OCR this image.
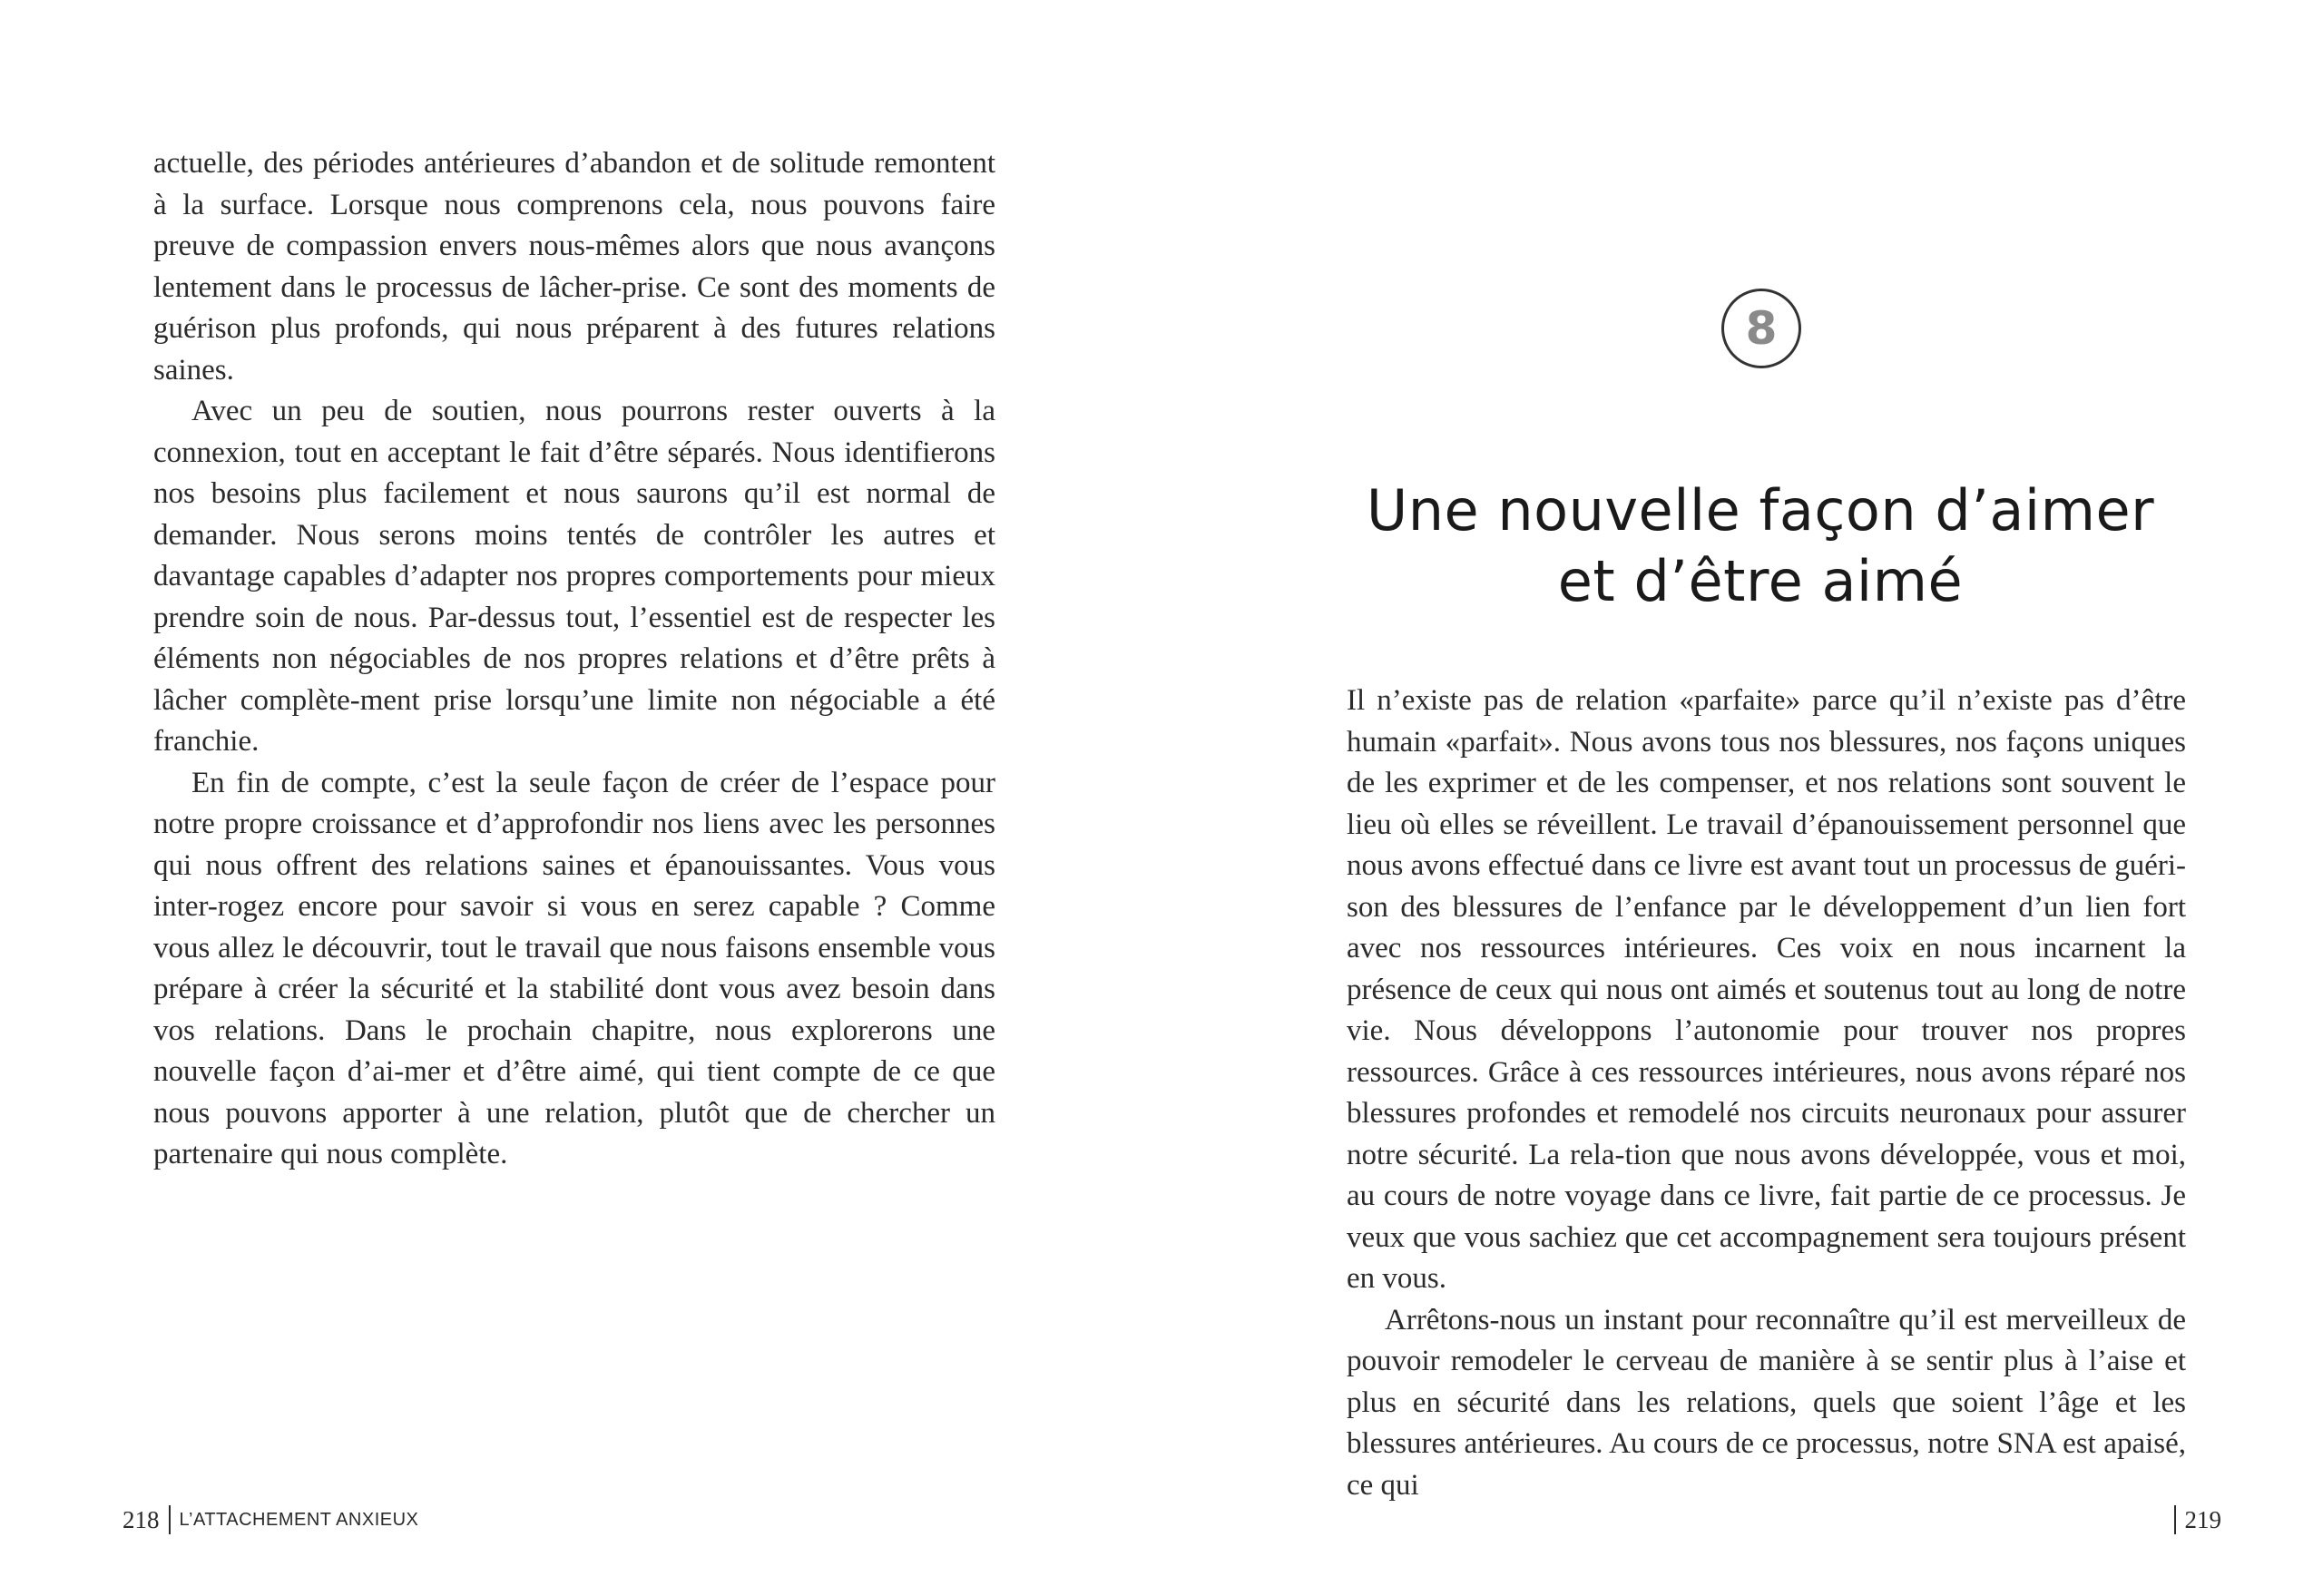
actuelle, des périodes antérieures d’abandon et de solitude remontent à la surface. Lorsque nous comprenons cela, nous pouvons faire preuve de compassion envers nous-mêmes alors que nous avançons lentement dans le processus de lâcher-prise. Ce sont des moments de guérison plus profonds, qui nous préparent à des futures relations saines.

Avec un peu de soutien, nous pourrons rester ouverts à la connexion, tout en acceptant le fait d’être séparés. Nous identifierons nos besoins plus facilement et nous saurons qu’il est normal de demander. Nous serons moins tentés de contrôler les autres et davantage capables d’adapter nos propres comportements pour mieux prendre soin de nous. Par-dessus tout, l’essentiel est de respecter les éléments non négociables de nos propres relations et d’être prêts à lâcher complète-ment prise lorsqu’une limite non négociable a été franchie.

En fin de compte, c’est la seule façon de créer de l’espace pour notre propre croissance et d’approfondir nos liens avec les personnes qui nous offrent des relations saines et épanouissantes. Vous vous inter-rogez encore pour savoir si vous en serez capable ? Comme vous allez le découvrir, tout le travail que nous faisons ensemble vous prépare à créer la sécurité et la stabilité dont vous avez besoin dans vos relations. Dans le prochain chapitre, nous explorerons une nouvelle façon d’ai-mer et d’être aimé, qui tient compte de ce que nous pouvons apporter à une relation, plutôt que de chercher un partenaire qui nous complète.

218 L’ATTACHEMENT ANXIEUX
8
Une nouvelle façon d’aimer
et d’être aimé

Il n’existe pas de relation «parfaite» parce qu’il n’existe pas d’être humain «parfait». Nous avons tous nos blessures, nos façons uniques de les exprimer et de les compenser, et nos relations sont souvent le lieu où elles se réveillent. Le travail d’épanouissement personnel que nous avons effectué dans ce livre est avant tout un processus de guéri-son des blessures de l’enfance par le développement d’un lien fort avec nos ressources intérieures. Ces voix en nous incarnent la présence de ceux qui nous ont aimés et soutenus tout au long de notre vie. Nous développons l’autonomie pour trouver nos propres ressources. Grâce à ces ressources intérieures, nous avons réparé nos blessures profondes et remodelé nos circuits neuronaux pour assurer notre sécurité. La rela-tion que nous avons développée, vous et moi, au cours de notre voyage dans ce livre, fait partie de ce processus. Je veux que vous sachiez que cet accompagnement sera toujours présent en vous.

Arrêtons-nous un instant pour reconnaître qu’il est merveilleux de pouvoir remodeler le cerveau de manière à se sentir plus à l’aise et plus en sécurité dans les relations, quels que soient l’âge et les blessures antérieures. Au cours de ce processus, notre SNA est apaisé, ce qui

219
